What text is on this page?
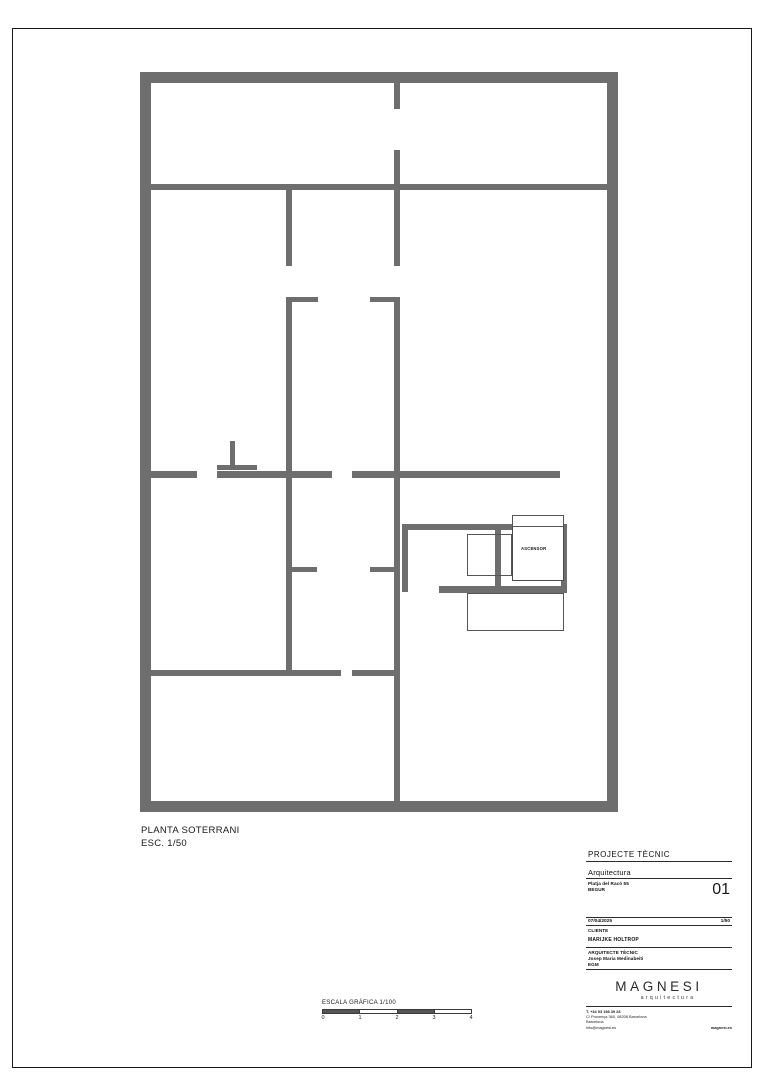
ASCENSOR
PLANTA SOTERRANI
ESC. 1/50
ESCALA GRÁFICA 1/100
0	1	2	3	4
PROJECTE TÈCNIC
Arquitectura
Platja del Racó 55
BEGUR	01
07/04/2025	1/50
CLIENTE
MARIJKE HOLTROP
ARQUITECTE TÈCNIC
Josep Maria Medinabeiti
EGM
MAGNESI
arquitectura
T. +34 93 198 39 28
C/ Provença 360, 08208 Barcelona
Barcelona
info@magnesi.es	magnesi.es
